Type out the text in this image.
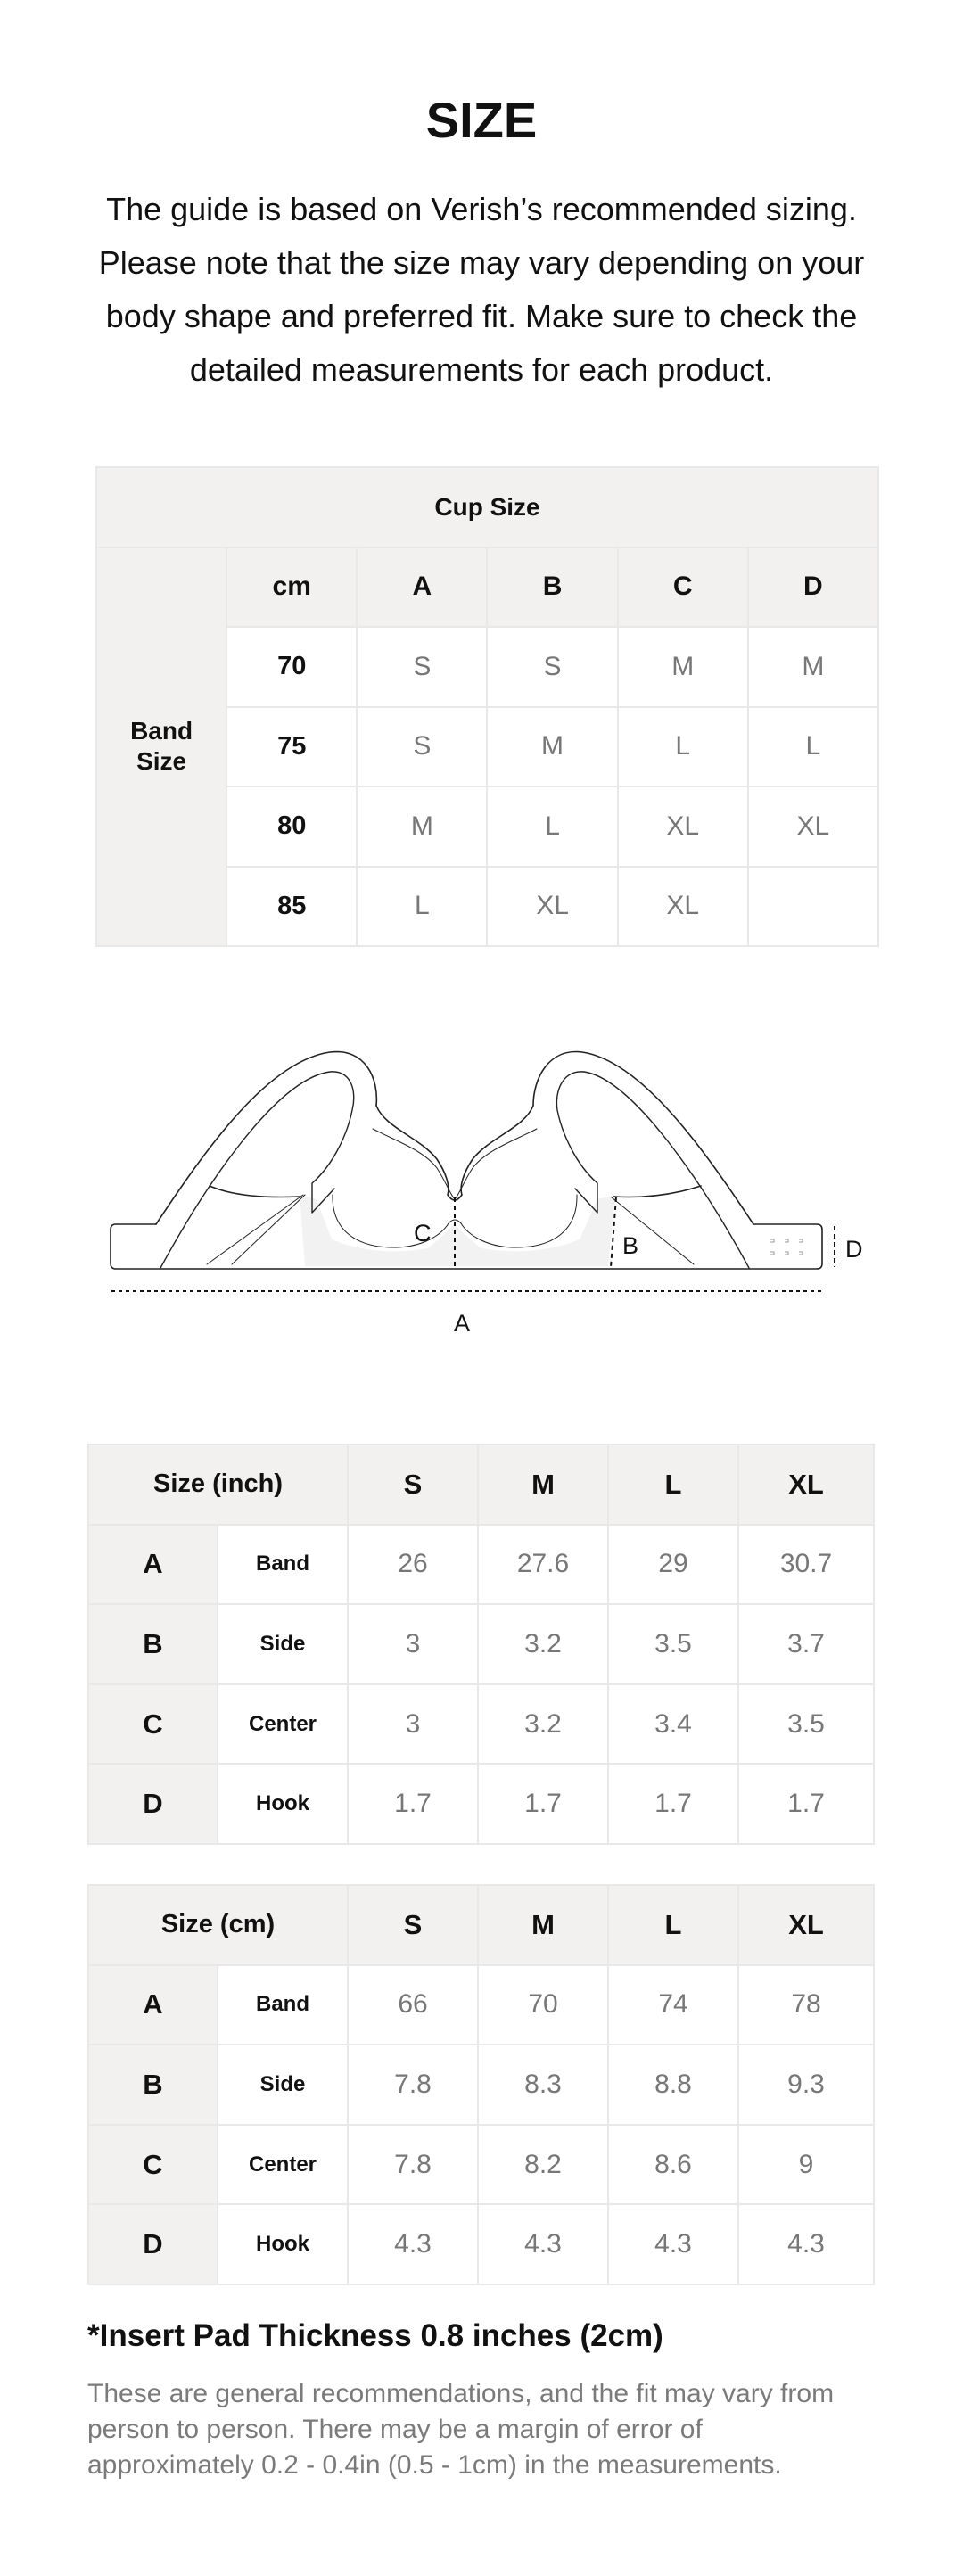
SIZE

The guide is based on Verish’s recommended sizing. Please note that the size may vary depending on your body shape and preferred fit. Make sure to check the detailed measurements for each product.

Cup Size					
Band Size	cm	A	B	C	D
	70	S	S	M	M
	75	S	M	L	L
	80	M	L	XL	XL
	85	L	XL	XL	
C	B	D
A
Size (inch)		S	M	L	XL
A	Band	26	27.6	29	30.7
B	Side	3	3.2	3.5	3.7
C	Center	3	3.2	3.4	3.5
D	Hook	1.7	1.7	1.7	1.7
Size (cm)		S	M	L	XL
A	Band	66	70	74	78
B	Side	7.8	8.3	8.8	9.3
C	Center	7.8	8.2	8.6	9
D	Hook	4.3	4.3	4.3	4.3
*Insert Pad Thickness 0.8 inches (2cm)

These are general recommendations, and the fit may vary from person to person. There may be a margin of error of approximately 0.2 - 0.4in (0.5 - 1cm) in the measurements.
